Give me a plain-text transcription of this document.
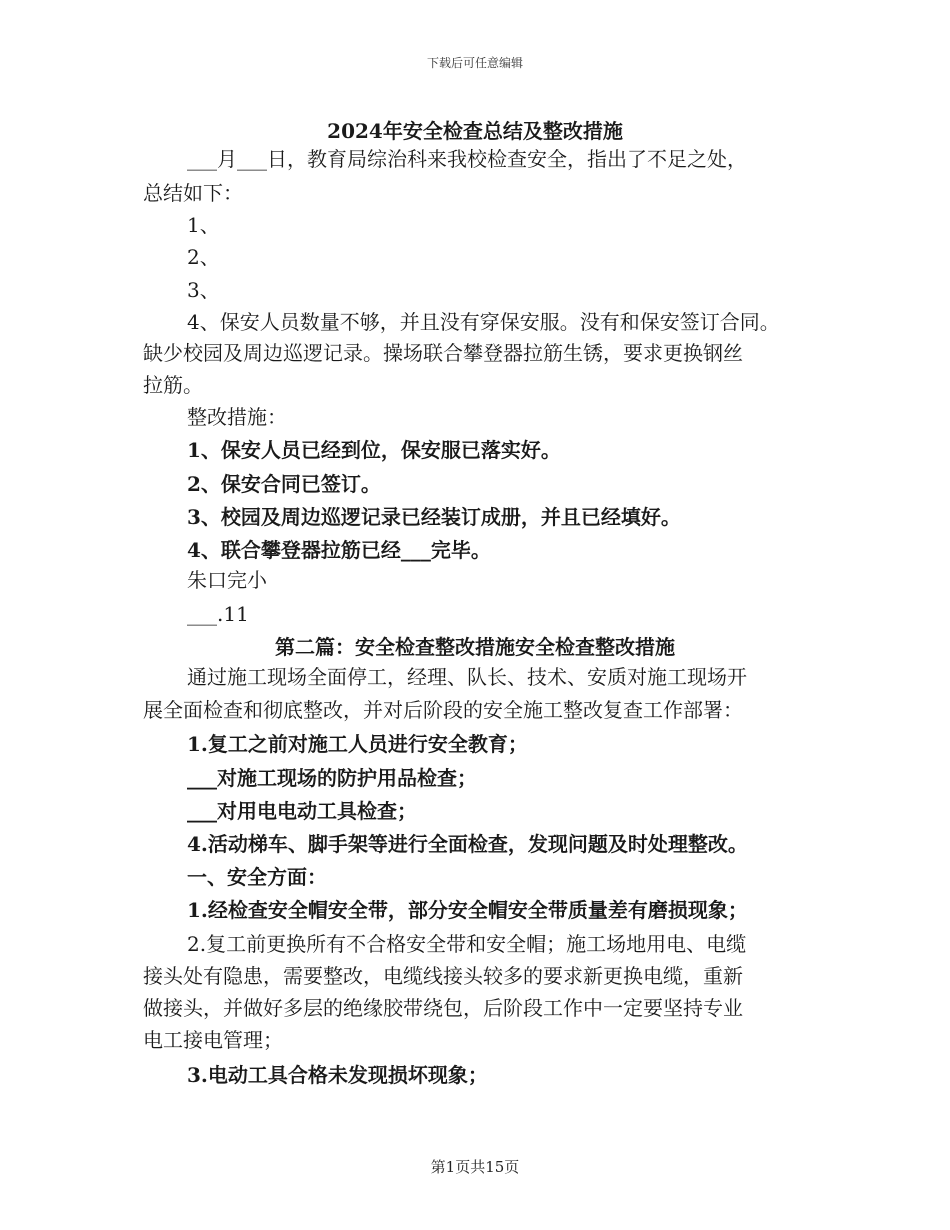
下载后可任意编辑
2024年安全检查总结及整改措施
___月___日，教育局综治科来我校检查安全，指出了不足之处，
总结如下：
1、
2、
3、
4、保安人员数量不够，并且没有穿保安服。没有和保安签订合同。
缺少校园及周边巡逻记录。操场联合攀登器拉筋生锈，要求更换钢丝
拉筋。
整改措施：
1、保安人员已经到位，保安服已落实好。
2、保安合同已签订。
3、校园及周边巡逻记录已经装订成册，并且已经填好。
4、联合攀登器拉筋已经___完毕。
朱口完小
___.11
第二篇：安全检查整改措施安全检查整改措施
通过施工现场全面停工，经理、队长、技术、安质对施工现场开
展全面检查和彻底整改，并对后阶段的安全施工整改复查工作部署：
1.复工之前对施工人员进行安全教育；
___对施工现场的防护用品检查；
___对用电电动工具检查；
4.活动梯车、脚手架等进行全面检查，发现问题及时处理整改。
一、安全方面：
1.经检查安全帽安全带，部分安全帽安全带质量差有磨损现象；
2.复工前更换所有不合格安全带和安全帽；施工场地用电、电缆
接头处有隐患，需要整改，电缆线接头较多的要求新更换电缆，重新
做接头，并做好多层的绝缘胶带绕包，后阶段工作中一定要坚持专业
电工接电管理；
3.电动工具合格未发现损坏现象；
第1页共15页
